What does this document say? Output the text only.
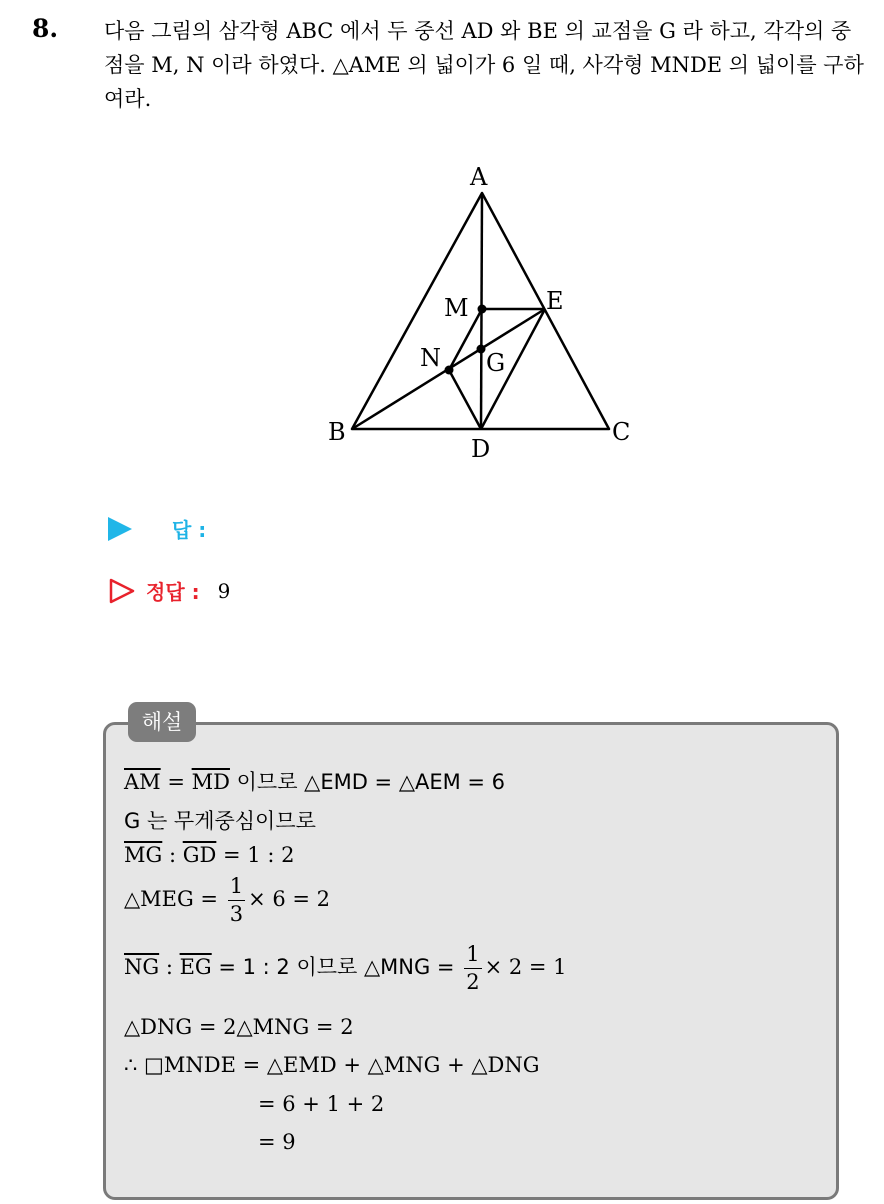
8. 다음 그림의 삼각형 ABC 에서 두 중선 AD 와 BE 의 교점을 G 라 하고, 각각의 중점을 M, N 이라 하였다. △AME 의 넓이가 6 일 때, 사각형 MNDE 의 넓이를 구하여라.
A
B	C
D
E
M
N G
답 :
정답 : 9
해설
$\overline{AM} = \overline{MD}$ 이므로 △EMD = △AEM = 6
G 는 무게중심이므로
$\overline{MG}$ : $\overline{GD} = 1$ : 2
△MEG = $\frac{1}{3} \times 6 = 2$
$\overline{NG}$ : $\overline{EG} = 1$ : 2 이므로 △MNG = $\frac{1}{2} \times 2 = 1$
△DNG = 2△MNG = 2
∴ □MNDE = △EMD + △MNG + △DNG
= 6 + 1 + 2
= 9
